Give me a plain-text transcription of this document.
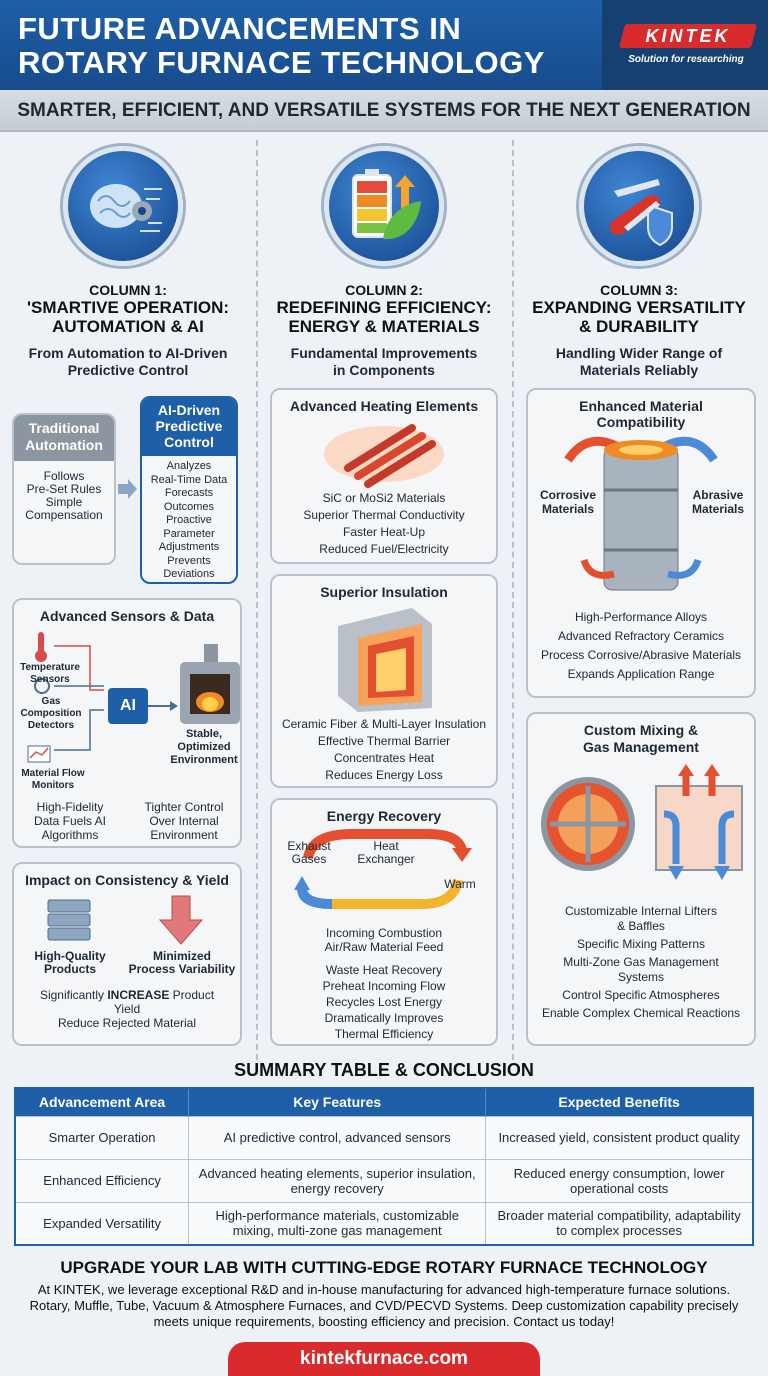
FUTURE ADVANCEMENTS IN
ROTARY FURNACE TECHNOLOGY
KINTEK
Solution for researching
SMARTER, EFFICIENT, AND VERSATILE SYSTEMS FOR THE NEXT GENERATION
COLUMN 1:
'SMARTIVE OPERATION:
AUTOMATION & AI
From Automation to AI-Driven
Predictive Control
Traditional
Automation
Follows
Pre-Set Rules
Simple
Compensation
AI-Driven
Predictive
Control
Analyzes
Real-Time Data
Forecasts
Outcomes
Proactive
Parameter
Adjustments
Prevents
Deviations
Advanced Sensors & Data
AI
Temperature
Sensors
Gas
Composition
Detectors
Material Flow
Monitors
Stable,
Optimized
Environment
High-Fidelity
Data Fuels AI
Algorithms
Tighter Control
Over Internal
Environment
Impact on Consistency & Yield
High-Quality
Products
Minimized
Process Variability
Significantly INCREASE Product
Yield
Reduce Rejected Material
COLUMN 2:
REDEFINING EFFICIENCY:
ENERGY & MATERIALS
Fundamental Improvements
in Components
Advanced Heating Elements
SiC or MoSi2 Materials
Superior Thermal Conductivity
Faster Heat-Up
Reduced Fuel/Electricity
Superior Insulation
Ceramic Fiber & Multi-Layer Insulation
Effective Thermal Barrier
Concentrates Heat
Reduces Energy Loss
Energy Recovery
Exhaust
Gases
Heat
Exchanger
Warm
Incoming Combustion
Air/Raw Material Feed
Waste Heat Recovery
Preheat Incoming Flow
Recycles Lost Energy
Dramatically Improves
Thermal Efficiency
COLUMN 3:
EXPANDING VERSATILITY
& DURABILITY
Handling Wider Range of
Materials Reliably
Enhanced Material
Compatibility
Corrosive
Materials
Abrasive
Materials
High-Performance Alloys
Advanced Refractory Ceramics
Process Corrosive/Abrasive Materials
Expands Application Range
Custom Mixing &
Gas Management
Customizable Internal Lifters
& Baffles
Specific Mixing Patterns
Multi-Zone Gas Management
Systems
Control Specific Atmospheres
Enable Complex Chemical Reactions
SUMMARY TABLE & CONCLUSION
Advancement Area	Key Features	Expected Benefits
Smarter Operation	AI predictive control, advanced sensors	Increased yield, consistent product quality
Enhanced Efficiency	Advanced heating elements, superior insulation, energy recovery	Reduced energy consumption, lower operational costs
Expanded Versatility	High-performance materials, customizable mixing, multi-zone gas management	Broader material compatibility, adaptability to complex processes
UPGRADE YOUR LAB WITH CUTTING-EDGE ROTARY FURNACE TECHNOLOGY
At KINTEK, we leverage exceptional R&D and in-house manufacturing for advanced high-temperature furnace solutions. Rotary, Muffle, Tube, Vacuum & Atmosphere Furnaces, and CVD/PECVD Systems. Deep customization capability precisely meets unique requirements, boosting efficiency and precision. Contact us today!
kintekfurnace.com
